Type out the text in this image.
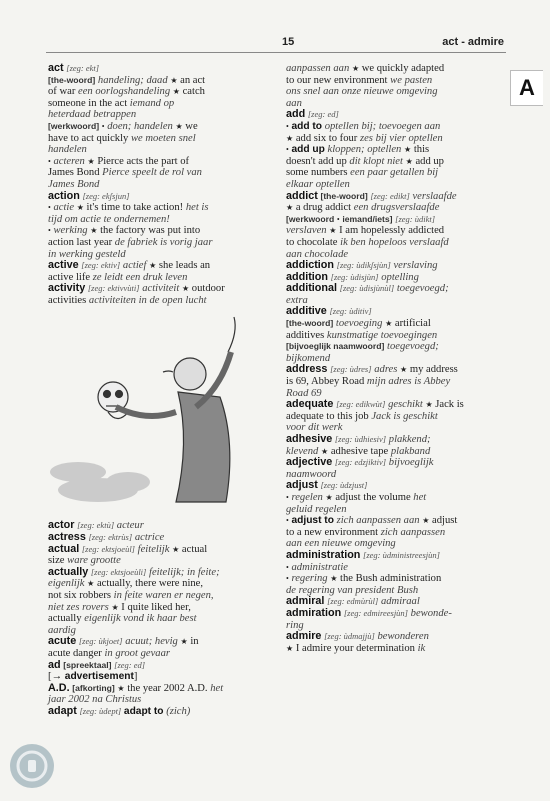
15	act - admire
A
act [zeg: ekt]
[the-woord] handeling; daad ★ an act
of war een oorlogshandeling ★ catch
someone in the act iemand op
heterdaad betrappen
[werkwoord] • doen; handelen ★ we
have to act quickly we moeten snel
handelen
• acteren ★ Pierce acts the part of
James Bond Pierce speelt de rol van
James Bond
action [zeg: ekʃsjun]
• actie ★ it's time to take action! het is
tijd om actie te ondernemen!
• werking ★ the factory was put into
action last year de fabriek is vorig jaar
in werking gesteld
active [zeg: ektiv] actief ★ she leads an
active life ze leidt een druk leven
activity [zeg: ektivvùti] activiteit ★ outdoor
activities activiteiten in de open lucht
actor [zeg: ektù] acteur
actress [zeg: ektrùs] actrice
actual [zeg: ektsjoeùl] feitelijk ★ actual
size ware grootte
actually [zeg: ektsjoeùli] feitelijk; in feite;
eigenlijk ★ actually, there were nine,
not six robbers in feite waren er negen,
niet zes rovers ★ I quite liked her,
actually eigenlijk vond ik haar best
aardig
acute [zeg: ùkjoet] acuut; hevig ★ in
acute danger in groot gevaar
ad [spreektaal] [zeg: ed]
[→ advertisement]
A.D. [afkorting] ★ the year 2002 A.D. het
jaar 2002 na Christus
adapt [zeg: ùdept] adapt to (zich)
aanpassen aan ★ we quickly adapted
to our new environment we pasten
ons snel aan onze nieuwe omgeving
aan
add [zeg: ed]
• add to optellen bij; toevoegen aan
★ add six to four zes bij vier optellen
• add up kloppen; optellen ★ this
doesn't add up dit klopt niet ★ add up
some numbers een paar getallen bij
elkaar optellen
addict [the-woord] [zeg: edikt] verslaafde
★ a drug addict een drugsverslaafde
[werkwoord • iemand/iets] [zeg: ùdikt]
verslaven ★ I am hopelessly addicted
to chocolate ik ben hopeloos verslaafd
aan chocolade
addiction [zeg: ùdikʃsjùn] verslaving
addition [zeg: ùdisjùn] optelling
additional [zeg: ùdisjùnùl] toegevoegd;
extra
additive [zeg: ùditiv]
[the-woord] toevoeging ★ artificial
additives kunstmatige toevoegingen
[bijvoeglijk naamwoord] toegevoegd;
bijkomend
address [zeg: ùdres] adres ★ my address
is 69, Abbey Road mijn adres is Abbey
Road 69
adequate [zeg: edikwùt] geschikt ★ Jack is
adequate to this job Jack is geschikt
voor dit werk
adhesive [zeg: ùdhiesiv] plakkend;
klevend ★ adhesive tape plakband
adjective [zeg: edzjiktiv] bijvoeglijk
naamwoord
adjust [zeg: ùdzjust]
• regelen ★ adjust the volume het
geluid regelen
• adjust to zich aanpassen aan ★ adjust
to a new environment zich aanpassen
aan een nieuwe omgeving
administration [zeg: ùdministreesjùn]
• administratie
• regering ★ the Bush administration
de regering van president Bush
admiral [zeg: edmùrùl] admiraal
admiration [zeg: edmireesjùn] bewonde-
ring
admire [zeg: ùdmajjù] bewonderen
★ I admire your determination ik
